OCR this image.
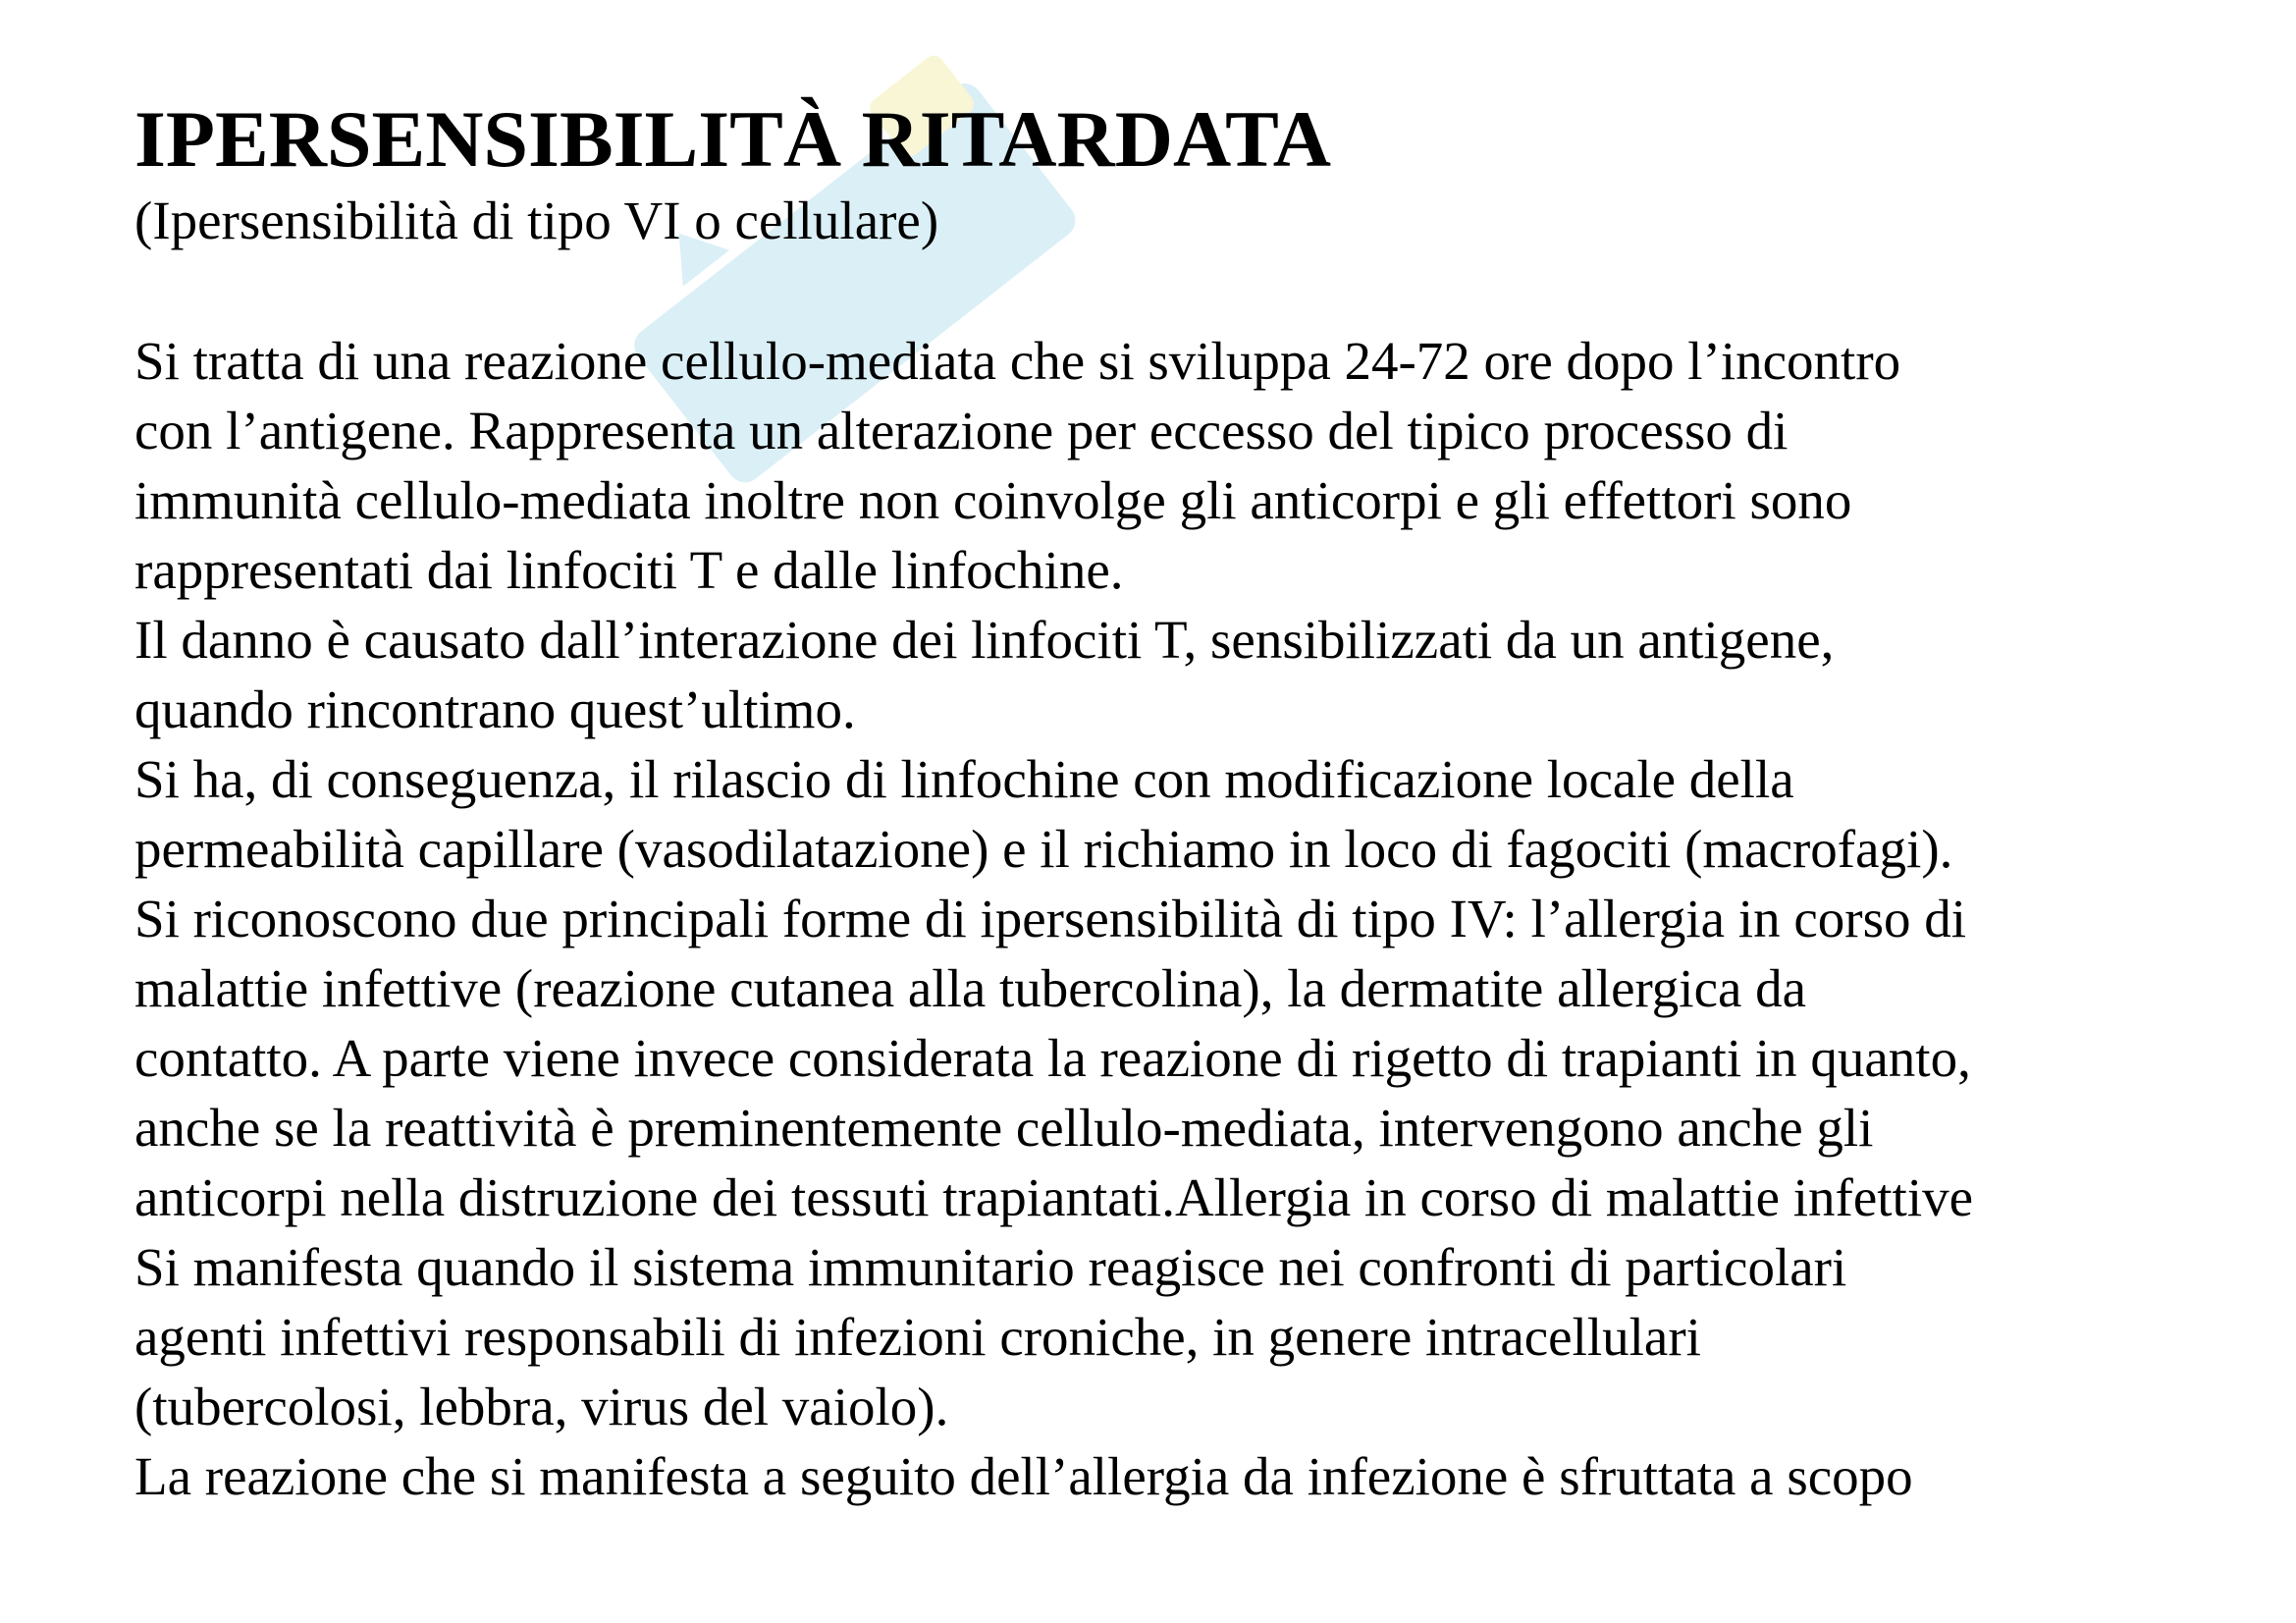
IPERSENSIBILITÀ RITARDATA

(Ipersensibilità di tipo VI o cellulare)

Si tratta di una reazione cellulo-mediata che si sviluppa 24-72 ore dopo l’incontro
con l’antigene. Rappresenta un alterazione per eccesso del tipico processo di
immunità cellulo-mediata inoltre non coinvolge gli anticorpi e gli effettori sono
rappresentati dai linfociti T e dalle linfochine.
Il danno è causato dall’interazione dei linfociti T, sensibilizzati da un antigene,
quando rincontrano quest’ultimo.
Si ha, di conseguenza, il rilascio di linfochine con modificazione locale della
permeabilità capillare (vasodilatazione) e il richiamo in loco di fagociti (macrofagi).
Si riconoscono due principali forme di ipersensibilità di tipo IV: l’allergia in corso di
malattie infettive (reazione cutanea alla tubercolina), la dermatite allergica da
contatto. A parte viene invece considerata la reazione di rigetto di trapianti in quanto,
anche se la reattività è preminentemente cellulo-mediata, intervengono anche gli
anticorpi nella distruzione dei tessuti trapiantati.Allergia in corso di malattie infettive
Si manifesta quando il sistema immunitario reagisce nei confronti di particolari
agenti infettivi responsabili di infezioni croniche, in genere intracellulari
(tubercolosi, lebbra, virus del vaiolo).
La reazione che si manifesta a seguito dell’allergia da infezione è sfruttata a scopo
